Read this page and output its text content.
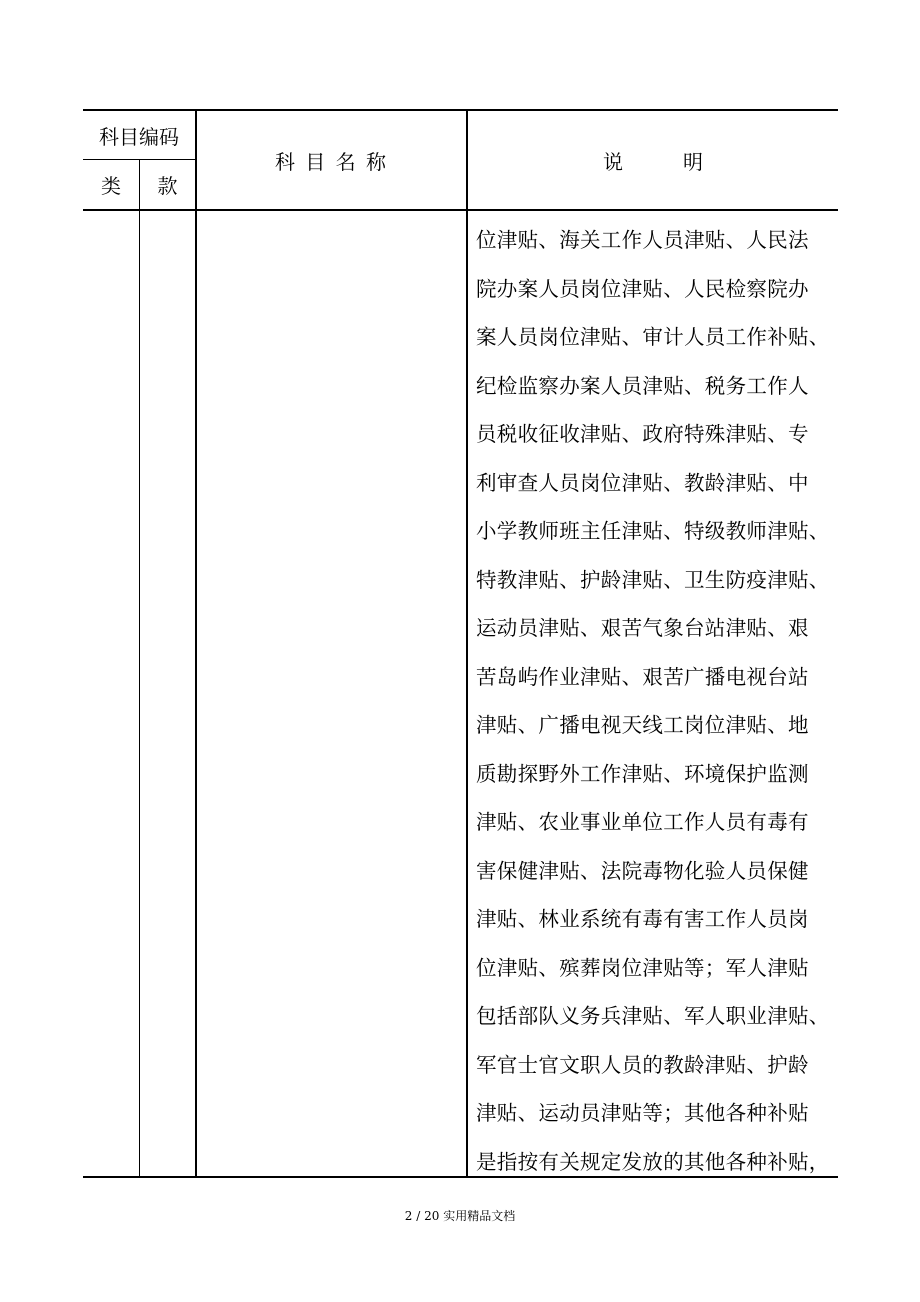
科目编码
类	款
科 目 名 称	说　　　明
位津贴、海关工作人员津贴、人民法
院办案人员岗位津贴、人民检察院办
案人员岗位津贴、审计人员工作补贴、
纪检监察办案人员津贴、税务工作人
员税收征收津贴、政府特殊津贴、专
利审查人员岗位津贴、教龄津贴、中
小学教师班主任津贴、特级教师津贴、
特教津贴、护龄津贴、卫生防疫津贴、
运动员津贴、艰苦气象台站津贴、艰
苦岛屿作业津贴、艰苦广播电视台站
津贴、广播电视天线工岗位津贴、地
质勘探野外工作津贴、环境保护监测
津贴、农业事业单位工作人员有毒有
害保健津贴、法院毒物化验人员保健
津贴、林业系统有毒有害工作人员岗
位津贴、殡葬岗位津贴等；军人津贴
包括部队义务兵津贴、军人职业津贴、
军官士官文职人员的教龄津贴、护龄
津贴、运动员津贴等；其他各种补贴
是指按有关规定发放的其他各种补贴，
2 / 20 实用精品文档
